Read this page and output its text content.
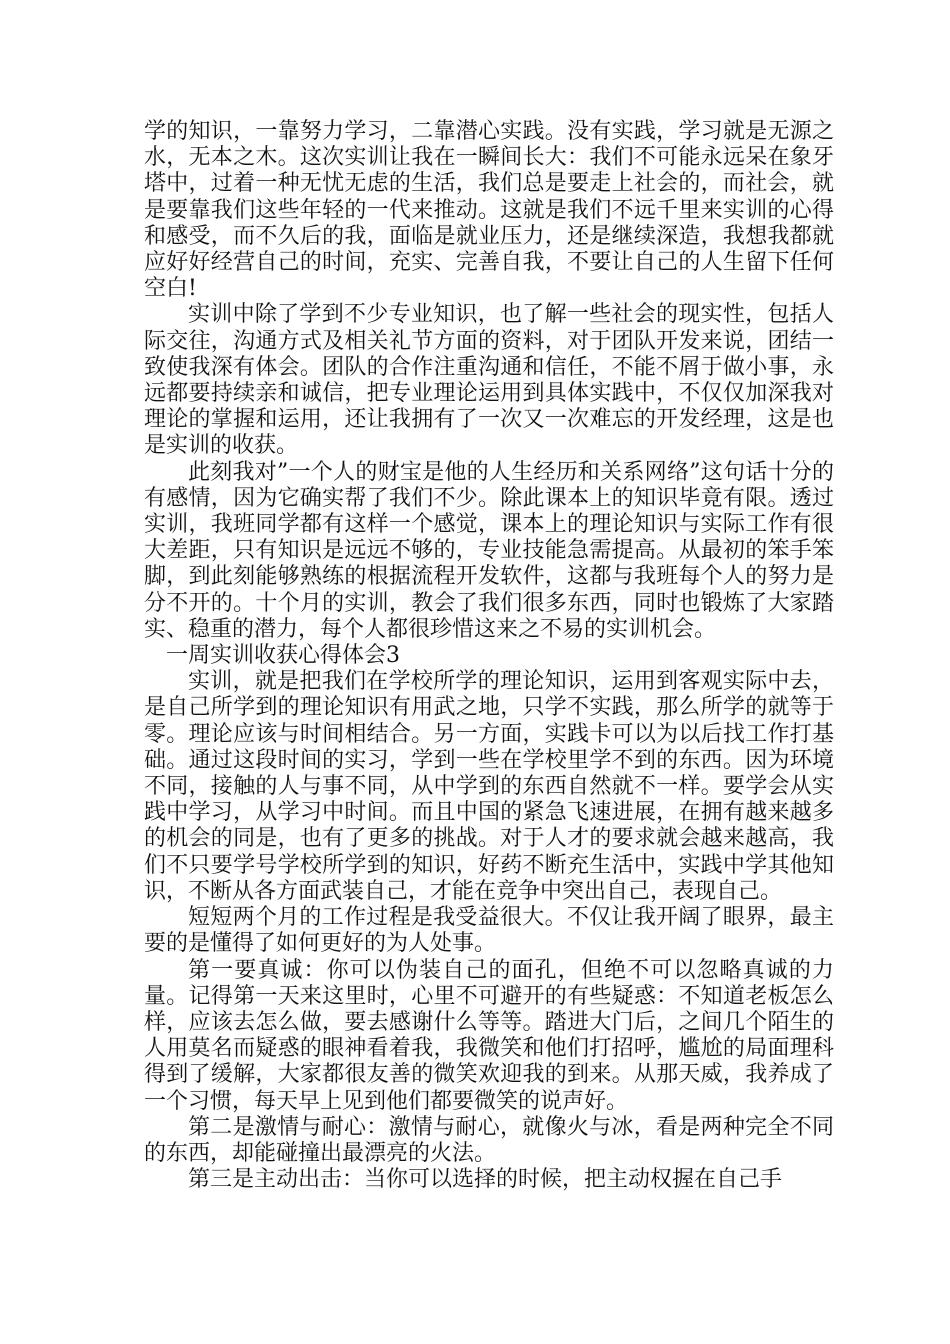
学的知识，一靠努力学习，二靠潜心实践。没有实践，学习就是无源之水，无本之木。这次实训让我在一瞬间长大：我们不可能永远呆在象牙塔中，过着一种无忧无虑的生活，我们总是要走上社会的，而社会，就是要靠我们这些年轻的一代来推动。这就是我们不远千里来实训的心得和感受，而不久后的我，面临是就业压力，还是继续深造，我想我都就应好好经营自己的时间，充实、完善自我，不要让自己的人生留下任何空白!

实训中除了学到不少专业知识，也了解一些社会的现实性，包括人际交往，沟通方式及相关礼节方面的资料，对于团队开发来说，团结一致使我深有体会。团队的合作注重沟通和信任，不能不屑于做小事，永远都要持续亲和诚信，把专业理论运用到具体实践中，不仅仅加深我对理论的掌握和运用，还让我拥有了一次又一次难忘的开发经理，这是也是实训的收获。

此刻我对”一个人的财宝是他的人生经历和关系网络”这句话十分的有感情，因为它确实帮了我们不少。除此课本上的知识毕竟有限。透过实训，我班同学都有这样一个感觉，课本上的理论知识与实际工作有很大差距，只有知识是远远不够的，专业技能急需提高。从最初的笨手笨脚，到此刻能够熟练的根据流程开发软件，这都与我班每个人的努力是分不开的。十个月的实训，教会了我们很多东西，同时也锻炼了大家踏实、稳重的潜力，每个人都很珍惜这来之不易的实训机会。

一周实训收获心得体会3

实训，就是把我们在学校所学的理论知识，运用到客观实际中去，是自己所学到的理论知识有用武之地，只学不实践，那么所学的就等于零。理论应该与时间相结合。另一方面，实践卡可以为以后找工作打基础。通过这段时间的实习，学到一些在学校里学不到的东西。因为环境不同，接触的人与事不同，从中学到的东西自然就不一样。要学会从实践中学习，从学习中时间。而且中国的紧急飞速进展，在拥有越来越多的机会的同是，也有了更多的挑战。对于人才的要求就会越来越高，我们不只要学号学校所学到的知识，好药不断充生活中，实践中学其他知识，不断从各方面武装自己，才能在竞争中突出自己，表现自己。

短短两个月的工作过程是我受益很大。不仅让我开阔了眼界，最主要的是懂得了如何更好的为人处事。

第一要真诚：你可以伪装自己的面孔，但绝不可以忽略真诚的力量。记得第一天来这里时，心里不可避开的有些疑惑：不知道老板怎么样，应该去怎么做，要去感谢什么等等。踏进大门后，之间几个陌生的人用莫名而疑惑的眼神看着我，我微笑和他们打招呼，尴尬的局面理科得到了缓解，大家都很友善的微笑欢迎我的到来。从那天威，我养成了一个习惯，每天早上见到他们都要微笑的说声好。

第二是激情与耐心：激情与耐心，就像火与冰，看是两种完全不同的东西，却能碰撞出最漂亮的火法。

第三是主动出击：当你可以选择的时候，把主动权握在自己手
